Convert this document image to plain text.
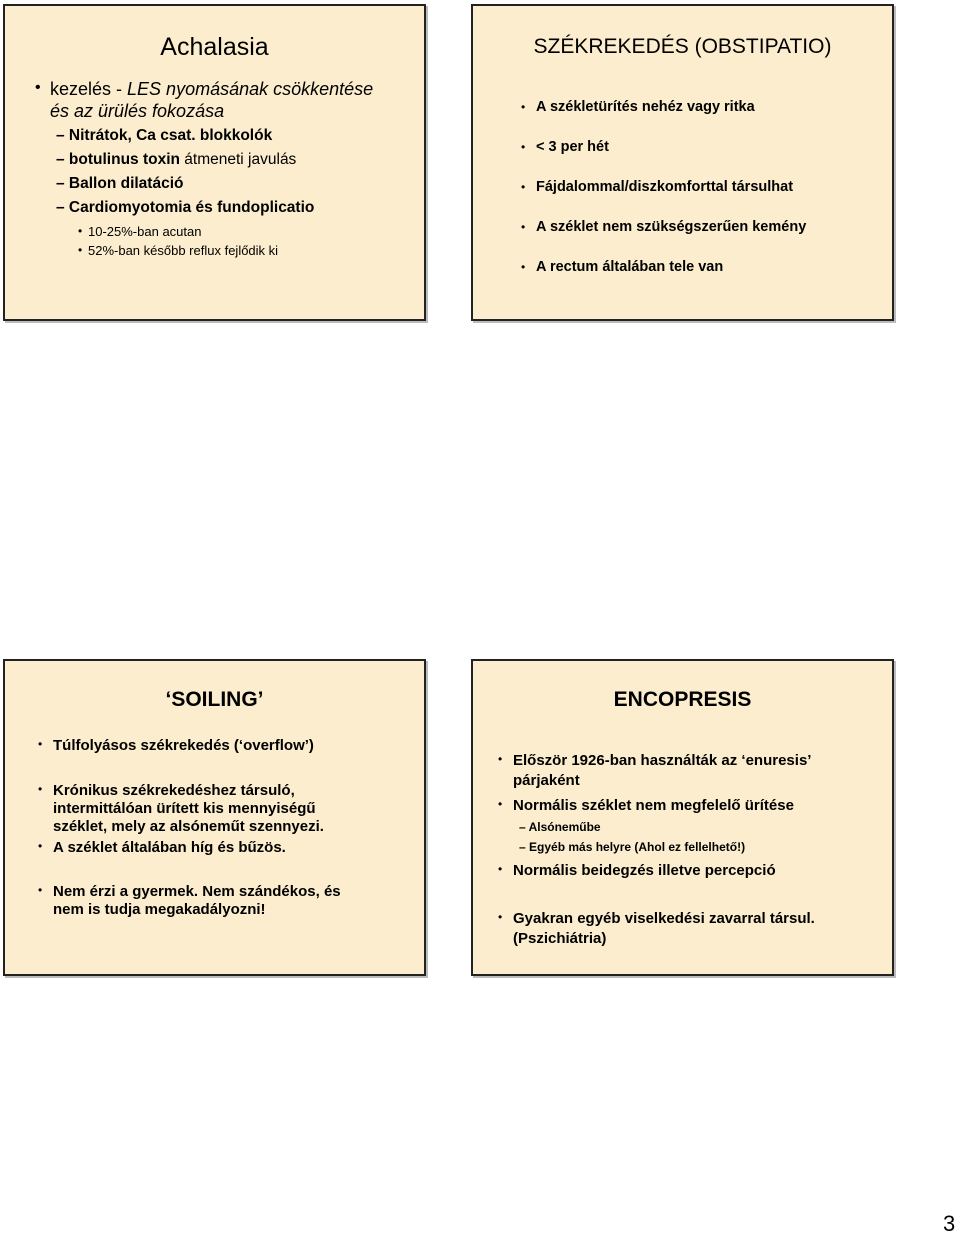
Achalasia
• kezelés - LES nyomásának csökkentése
és az ürülés fokozása
– Nitrátok, Ca csat. blokkolók
– botulinus toxin átmeneti javulás
– Ballon dilatáció
– Cardiomyotomia és fundoplicatio
• 10-25%-ban acutan
• 52%-ban később reflux fejlődik ki
SZÉKREKEDÉS (OBSTIPATIO)
• A székletürítés nehéz vagy ritka
• < 3 per hét
• Fájdalommal/diszkomforttal társulhat
• A széklet nem szükségszerűen kemény
• A rectum általában tele van
‘SOILING’
• Túlfolyásos székrekedés (‘overflow’)
• Krónikus székrekedéshez társuló,
intermittálóan ürített kis mennyiségű
széklet, mely az alsóneműt szennyezi.
• A széklet általában híg és bűzös.
• Nem érzi a gyermek. Nem szándékos, és
nem is tudja megakadályozni!
ENCOPRESIS
• Először 1926-ban használták az ‘enuresis’
párjaként
• Normális széklet nem megfelelő ürítése
– Alsóneműbe
– Egyéb más helyre (Ahol ez fellelhető!)
• Normális beidegzés illetve percepció
• Gyakran egyéb viselkedési zavarral társul.
(Pszichiátria)
3
